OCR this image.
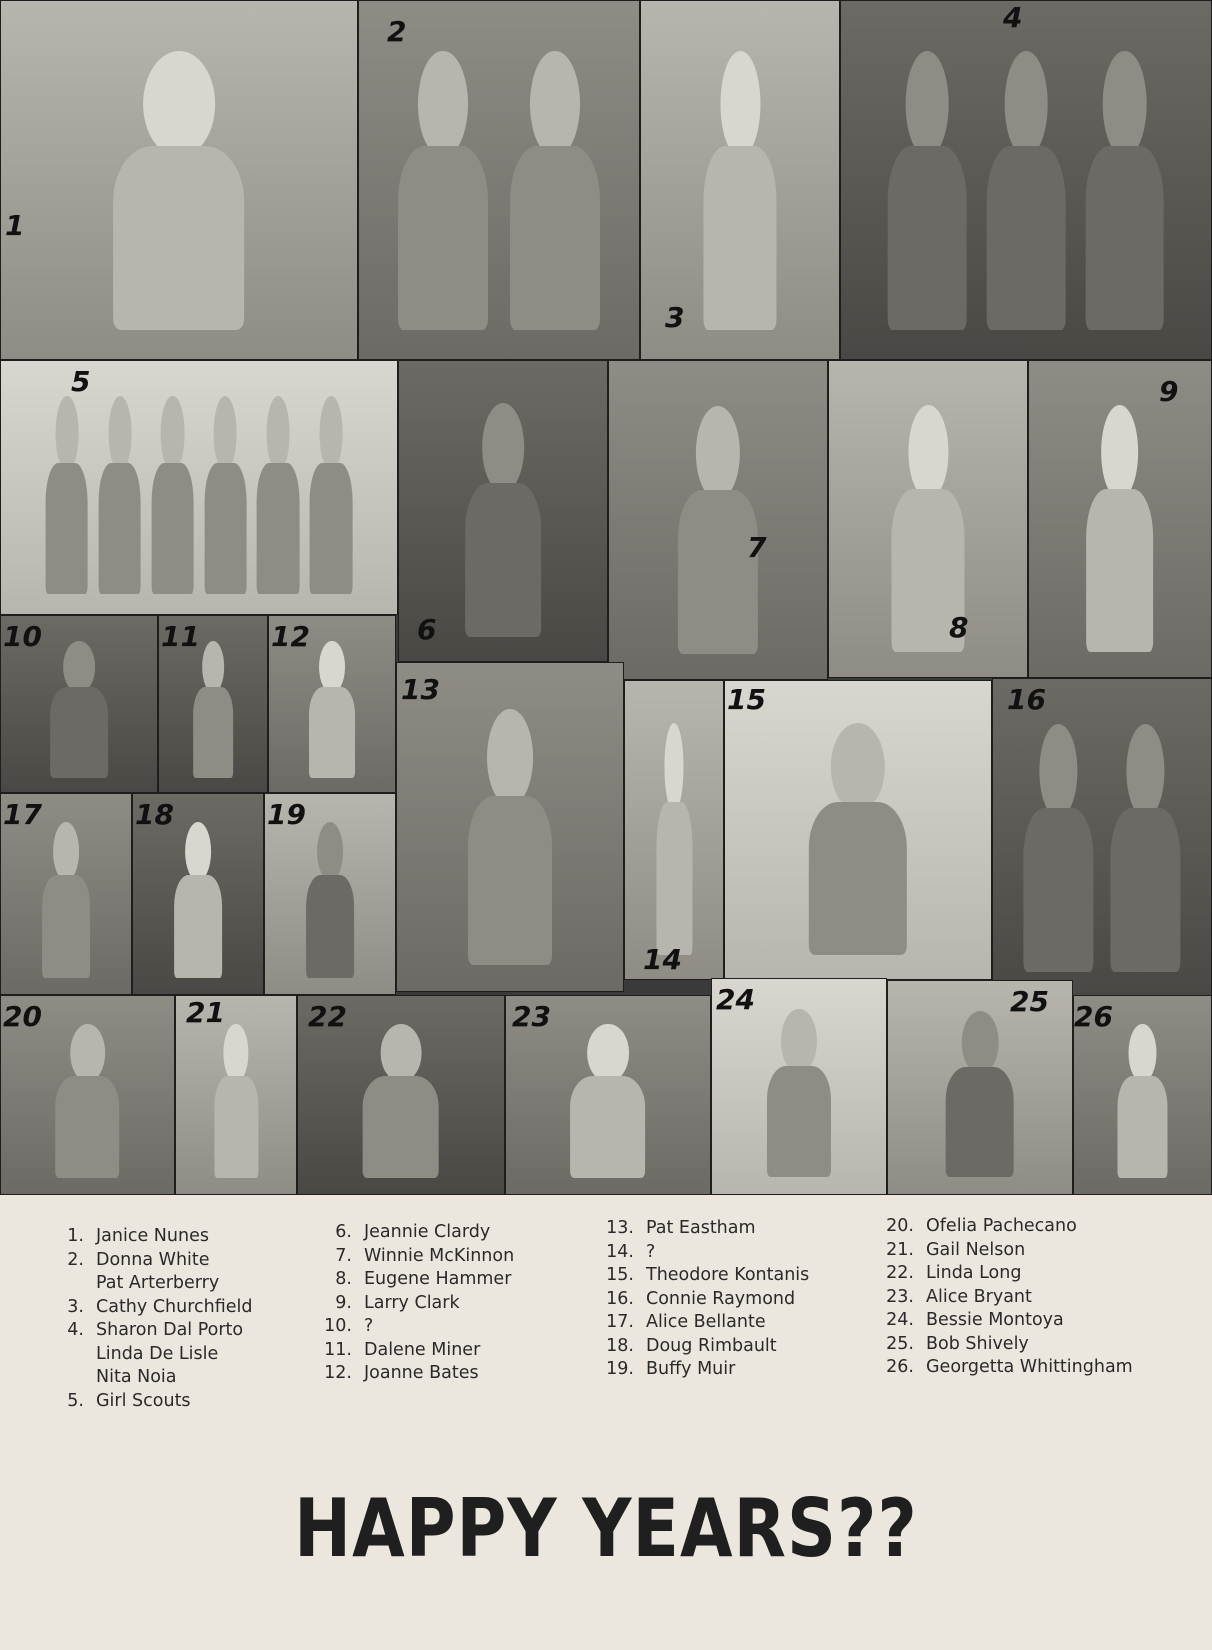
1
2
3
4
5
6
7
8
9
10	11	12
13
14
15	16
17	18	19
20	21	22	23
24	25 26
1. Janice Nunes
2. Donna White
Pat Arterberry
3. Cathy Churchfield
4. Sharon Dal Porto
Linda De Lisle
Nita Noia
5. Girl Scouts
6. Jeannie Clardy
7. Winnie McKinnon
8. Eugene Hammer
9. Larry Clark
10. ?
11. Dalene Miner
12. Joanne Bates
13. Pat Eastham
14. ?
15. Theodore Kontanis
16. Connie Raymond
17. Alice Bellante
18. Doug Rimbault
19. Buffy Muir
20. Ofelia Pachecano
21. Gail Nelson
22. Linda Long
23. Alice Bryant
24. Bessie Montoya
25. Bob Shively
26. Georgetta Whittingham
HAPPY YEARS??
